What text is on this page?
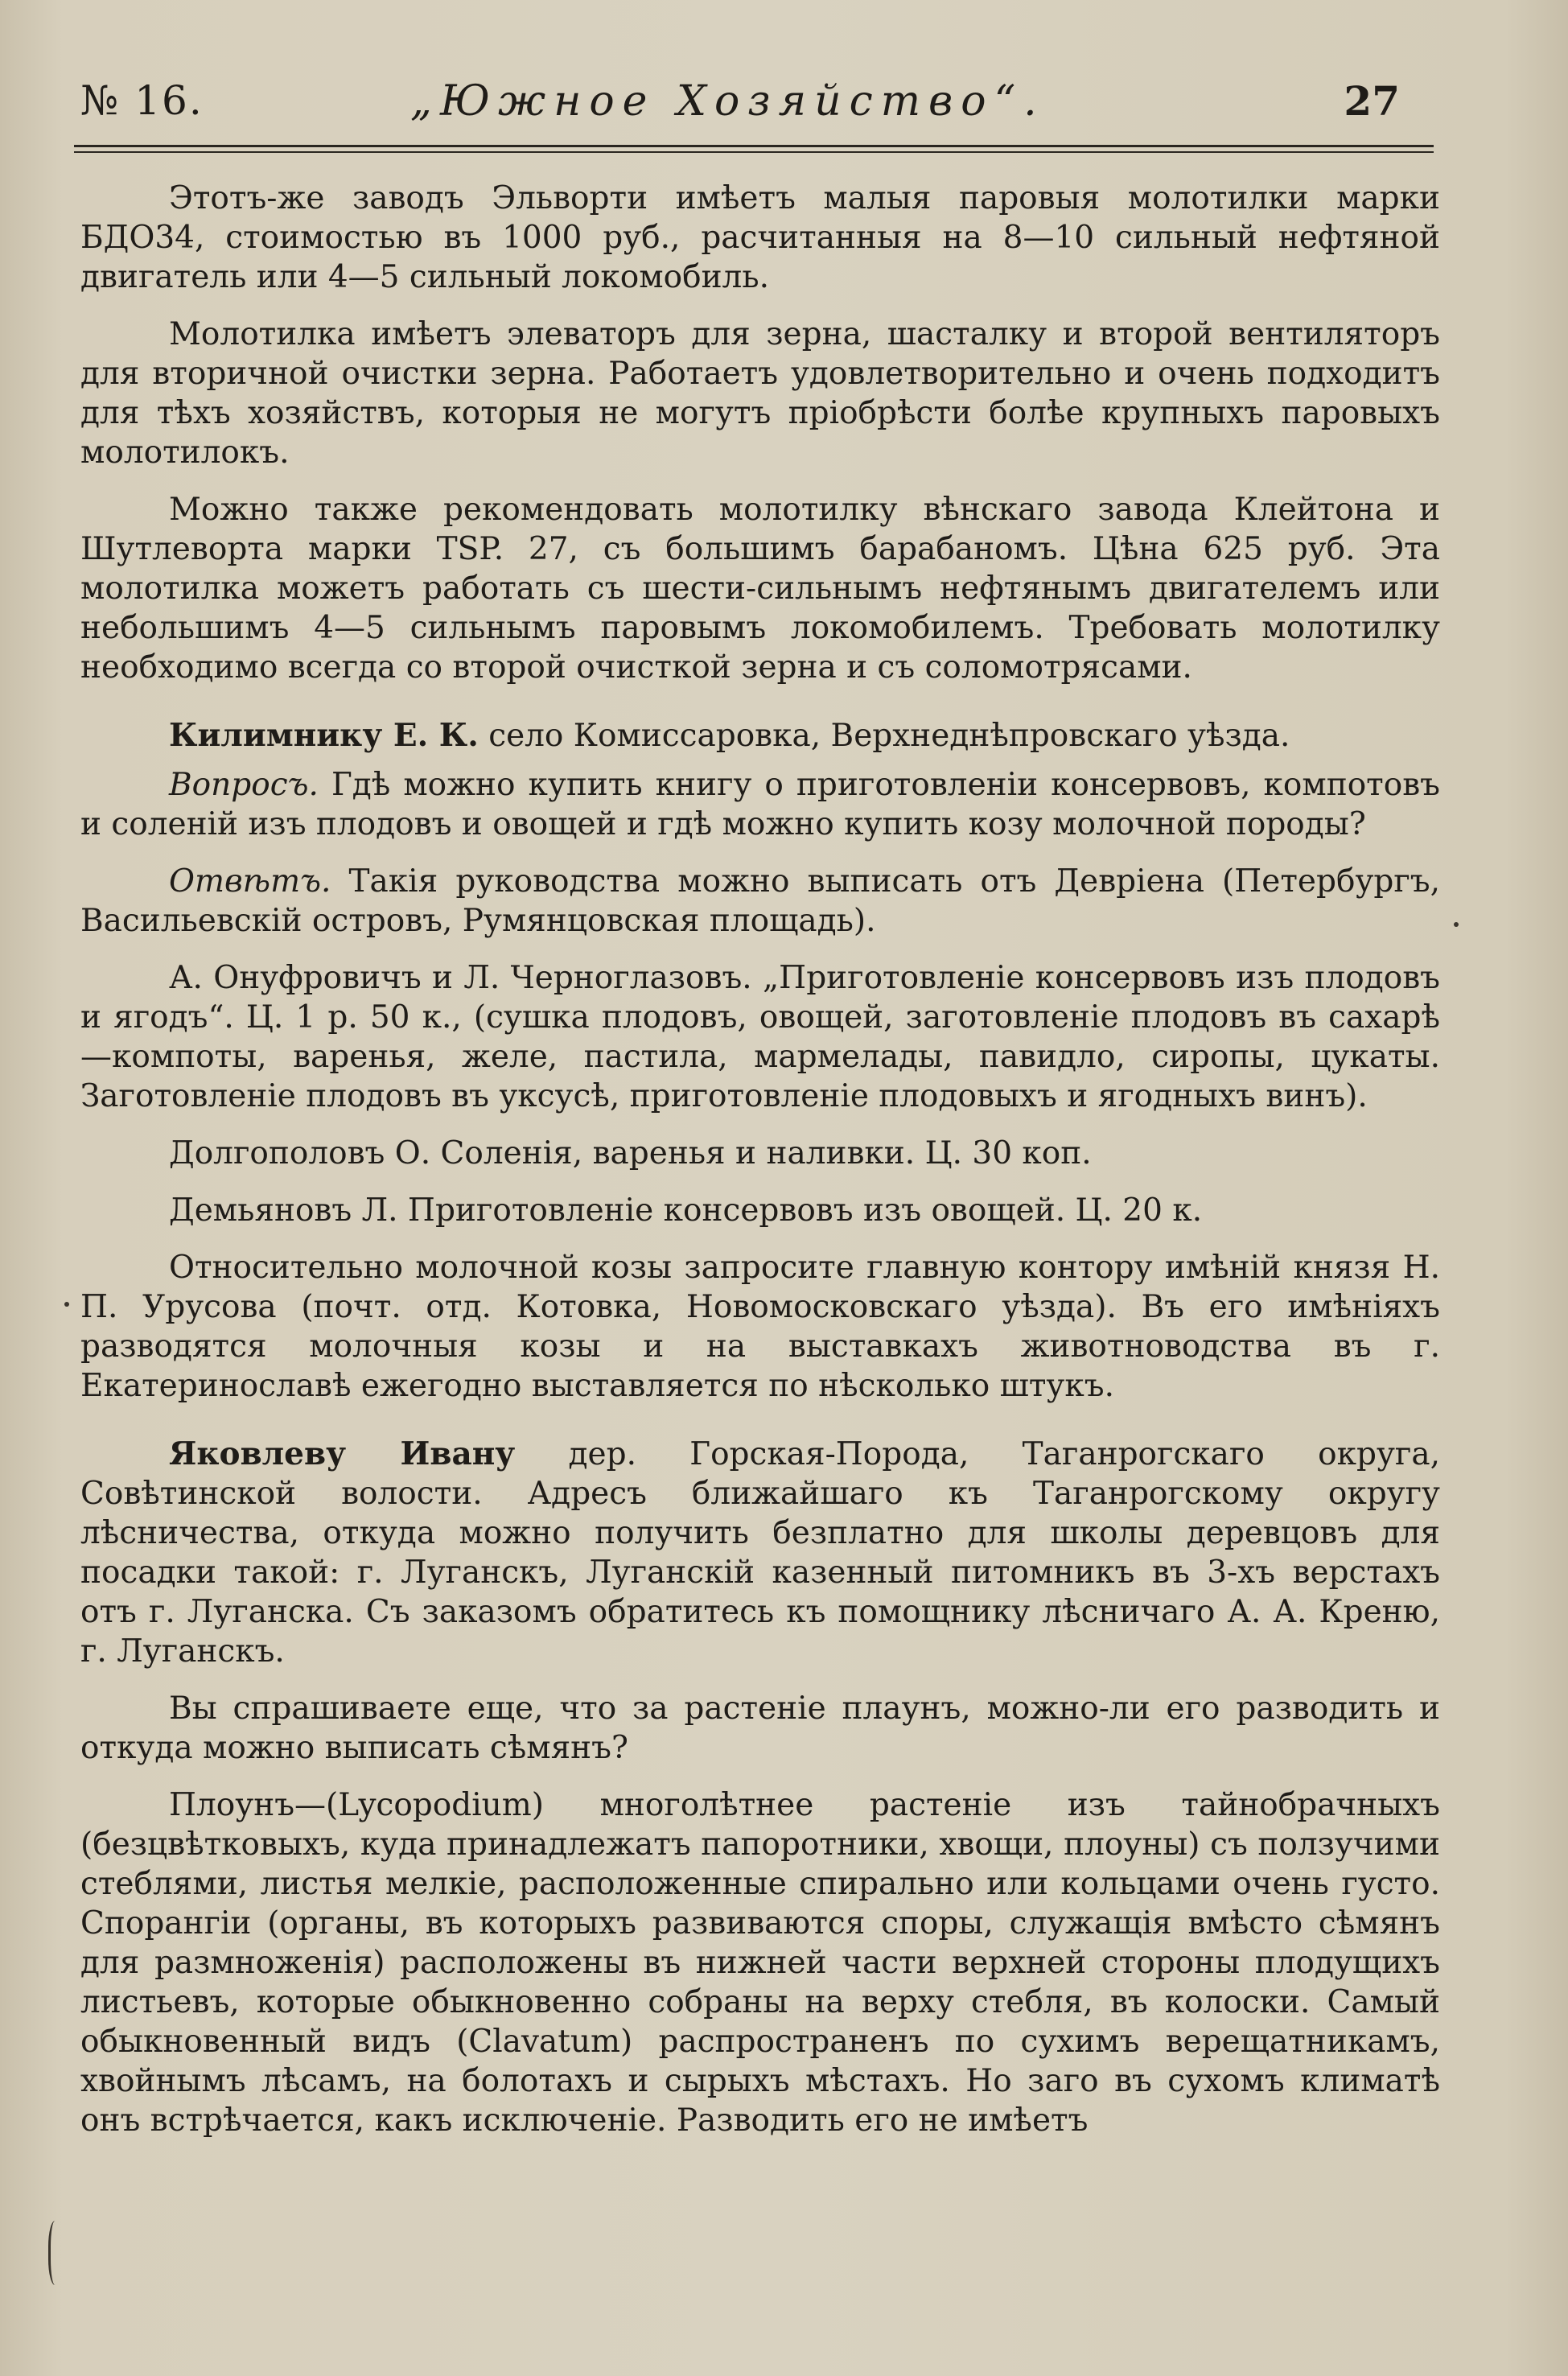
№ 16.	„Южное Хозяйство“.	27

Этотъ-же заводъ Эльворти имѣетъ малыя паровыя молотилки марки БДО34, стоимостью въ 1000 руб., расчитанныя на 8—10 сильный нефтяной двигатель или 4—5 сильный локомобиль.

Молотилка имѣетъ элеваторъ для зерна, шасталку и второй вентиляторъ для вторичной очистки зерна. Работаетъ удовлетворительно и очень подходитъ для тѣхъ хозяйствъ, которыя не могутъ пріобрѣсти болѣе крупныхъ паровыхъ молотилокъ.

Можно также рекомендовать молотилку вѣнскаго завода Клейтона и Шутлеворта марки TSP. 27, съ большимъ барабаномъ. Цѣна 625 руб. Эта молотилка можетъ работать съ шести-сильнымъ нефтянымъ двигателемъ или небольшимъ 4—5 сильнымъ паровымъ локомобилемъ. Требовать молотилку необходимо всегда со второй очисткой зерна и съ соломотрясами.

Килимнику Е. К. село Комиссаровка, Верхнеднѣпровскаго уѣзда.

Вопросъ. Гдѣ можно купить книгу о приготовленіи консервовъ, компотовъ и соленій изъ плодовъ и овощей и гдѣ можно купить козу молочной породы?

Отвѣтъ. Такія руководства можно выписать отъ Девріена (Петербургъ, Васильевскій островъ, Румянцовская площадь).

А. Онуфровичъ и Л. Черноглазовъ. „Приготовленіе консервовъ изъ плодовъ и ягодъ“. Ц. 1 р. 50 к., (сушка плодовъ, овощей, заготовленіе плодовъ въ сахарѣ—компоты, варенья, желе, пастила, мармелады, павидло, сиропы, цукаты. Заготовленіе плодовъ въ уксусѣ, приготовленіе плодовыхъ и ягодныхъ винъ).

Долгополовъ О. Соленія, варенья и наливки. Ц. 30 коп.

Демьяновъ Л. Приготовленіе консервовъ изъ овощей. Ц. 20 к.

Относительно молочной козы запросите главную контору имѣній князя Н. П. Урусова (почт. отд. Котовка, Новомосковскаго уѣзда). Въ его имѣніяхъ разводятся молочныя козы и на выставкахъ животноводства въ г. Екатеринославѣ ежегодно выставляется по нѣсколько штукъ.

Яковлеву Ивану дер. Горская-Порода, Таганрогскаго округа, Совѣтинской волости. Адресъ ближайшаго къ Таганрогскому округу лѣсничества, откуда можно получить безплатно для школы деревцовъ для посадки такой: г. Луганскъ, Луганскій казенный питомникъ въ 3-хъ верстахъ отъ г. Луганска. Съ заказомъ обратитесь къ помощнику лѣсничаго А. А. Креню, г. Луганскъ.

Вы спрашиваете еще, что за растеніе плаунъ, можно-ли его разводить и откуда можно выписать сѣмянъ?

Плоунъ—(Lycopodium) многолѣтнее растеніе изъ тайнобрачныхъ (безцвѣтковыхъ, куда принадлежатъ папоротники, хвощи, плоуны) съ ползучими стеблями, листья мелкіе, расположенные спирально или кольцами очень густо. Спорангіи (органы, въ которыхъ развиваются споры, служащія вмѣсто сѣмянъ для размноженія) расположены въ нижней части верхней стороны плодущихъ листьевъ, которые обыкновенно собраны на верху стебля, въ колоски. Самый обыкновенный видъ (Clavatum) распространенъ по сухимъ верещатникамъ, хвойнымъ лѣсамъ, на болотахъ и сырыхъ мѣстахъ. Но заго въ сухомъ климатѣ онъ встрѣчается, какъ исключеніе. Разводить его не имѣетъ
